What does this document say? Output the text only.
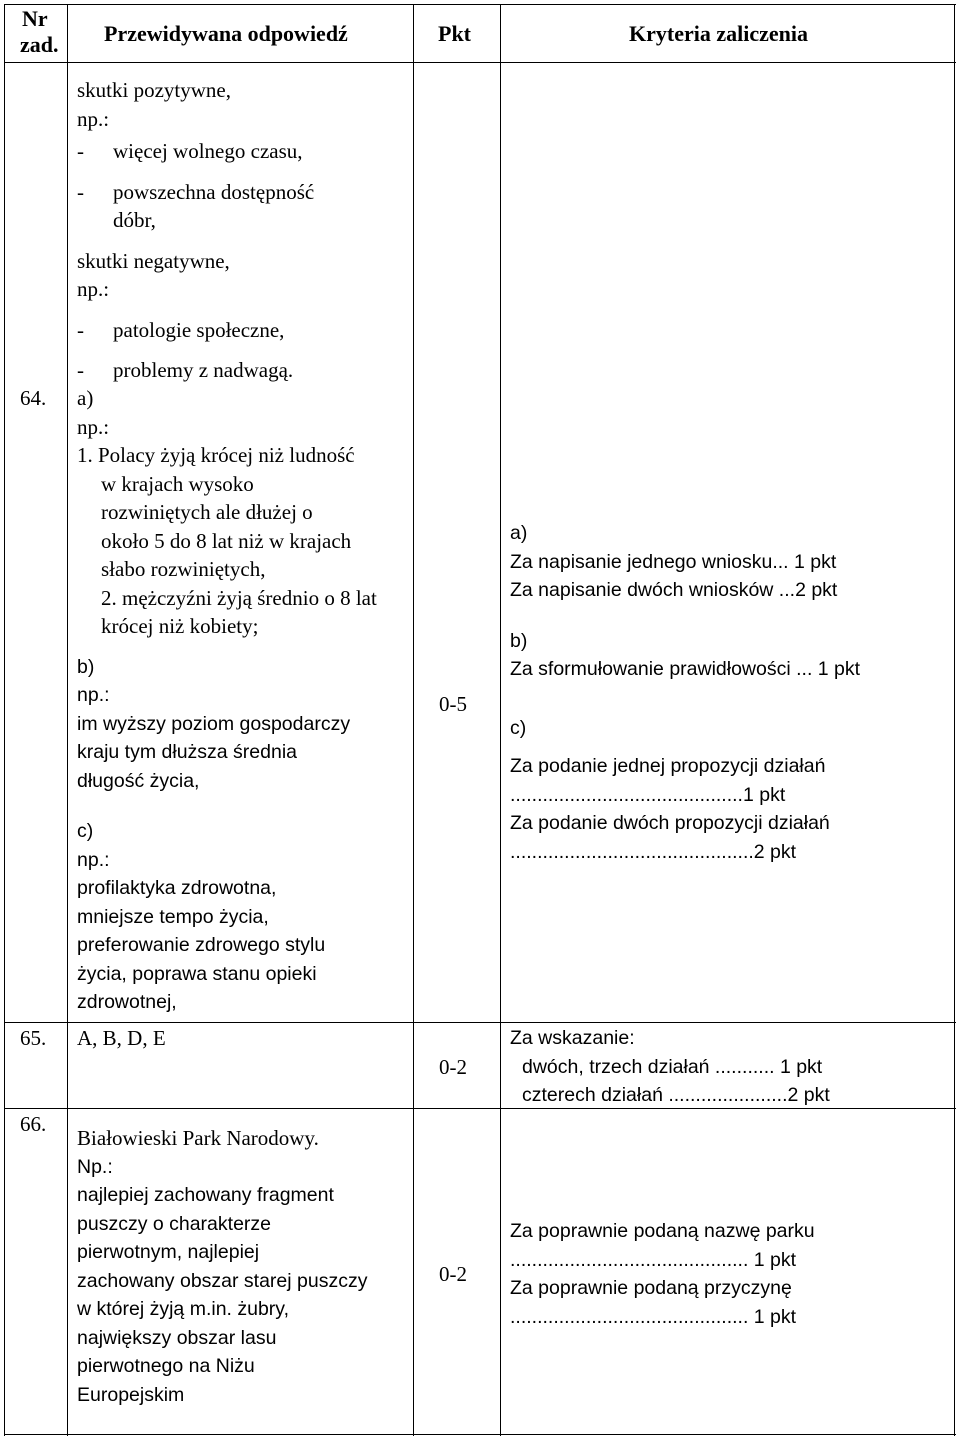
Nr
zad. Przewidywana odpowiedź	Pkt	Kryteria zaliczenia
skutki pozytywne,
np.:
- więcej wolnego czasu,
- powszechna dostępność
dóbr,
skutki negatywne,
np.:
- patologie społeczne,
- problemy z nadwagą.
64. a)
np.:
1. Polacy żyją krócej niż ludność
w krajach wysoko
rozwiniętych ale dłużej o
około 5 do 8 lat niż w krajach
słabo rozwiniętych,
2. mężczyźni żyją średnio o 8 lat
krócej niż kobiety;
b)
np.:
im wyższy poziom gospodarczy
kraju tym dłuższa średnia
długość życia,
c)
np.:
profilaktyka zdrowotna,
mniejsze tempo życia,
preferowanie zdrowego stylu
życia, poprawa stanu opieki
zdrowotnej,
0-5
a)
Za napisanie jednego wniosku... 1 pkt
Za napisanie dwóch wniosków ...2 pkt
b)
Za sformułowanie prawidłowości ... 1 pkt
c)
Za podanie jednej propozycji działań
...........................................1 pkt
Za podanie dwóch propozycji działań
.............................................2 pkt
65. A, B, D, E
0-2
Za wskazanie:
dwóch, trzech działań ........... 1 pkt
czterech działań ......................2 pkt
66.
Białowieski Park Narodowy.
Np.:
najlepiej zachowany fragment
puszczy o charakterze
pierwotnym, najlepiej
zachowany obszar starej puszczy
w której żyją m.in. żubry,
największy obszar lasu
pierwotnego na Niżu
Europejskim
0-2
Za poprawnie podaną nazwę parku
............................................ 1 pkt
Za poprawnie podaną przyczynę
............................................ 1 pkt
